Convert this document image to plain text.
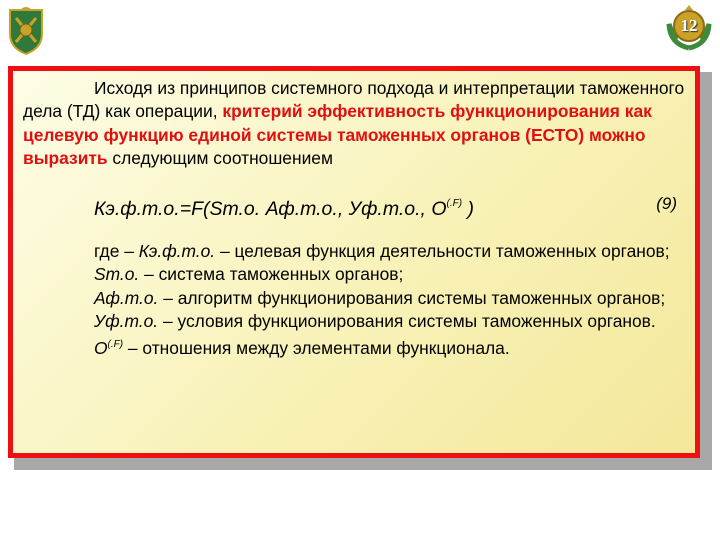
12

Исходя из принципов системного подхода и интерпретации таможенного дела (ТД) как операции, критерий эффективность функционирования как целевую функцию единой системы таможенных органов (ЕСТО) можно выразить следующим соотношением

Кэ.ф.т.о.=F(Sт.о. Аф.т.о., Уф.т.о., $О^{(.F)}$ )	(9)

где – Кэ.ф.т.о. – целевая функция деятельности таможенных органов;

Sт.о. – система таможенных органов;

Аф.т.о. – алгоритм функционирования системы таможенных органов;

Уф.т.о. – условия функционирования системы таможенных органов.

$О^{(.F)}$ – отношения между элементами функционала.
